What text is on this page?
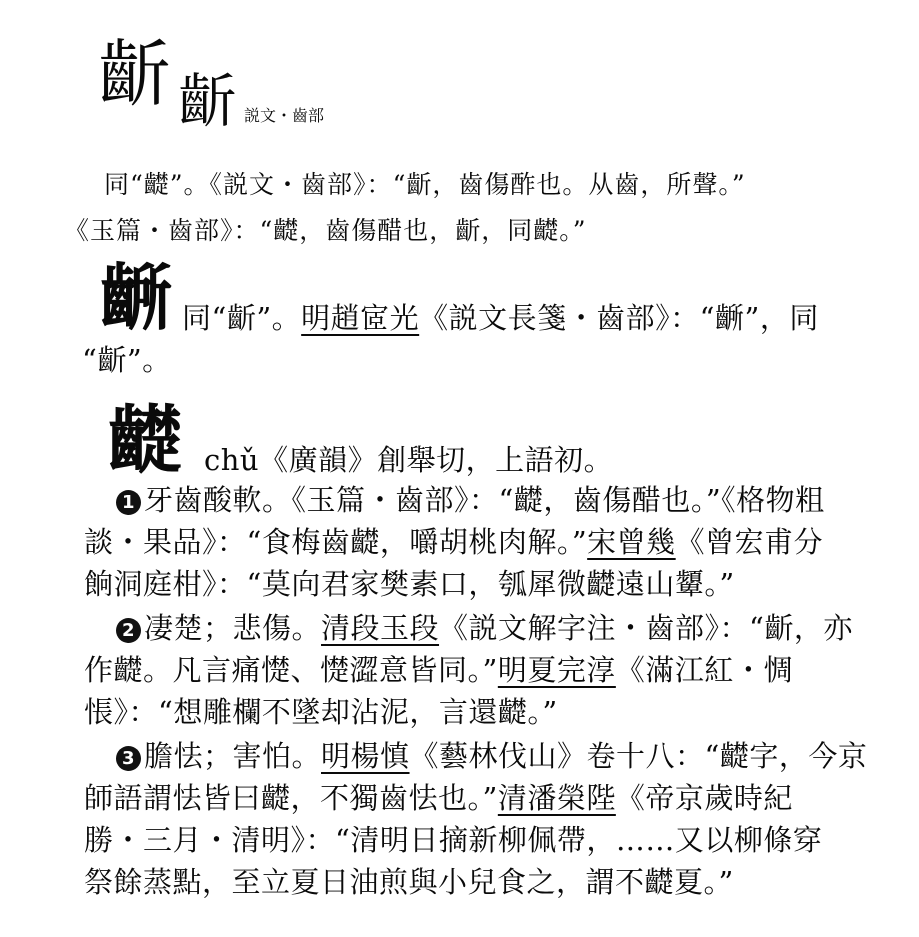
齗 齗 説文・齒部
同“齼”。《説文・齒部》：“齗，齒傷酢也。从齒，所聲。”
《玉篇・齒部》：“齼，齒傷醋也，齗，同齼。”
齭 同“齗”。明趙宧光《説文長箋・齒部》：“齭”，同
“齗”。
齼 chǔ《廣韻》創舉切，上語初。
1 牙齒酸軟。《玉篇・齒部》：“齼，齒傷醋也。”《格物粗
談・果品》：“食梅齒齼，嚼胡桃肉解。”宋曾幾《曾宏甫分
餉洞庭柑》：“莫向君家樊素口，瓠犀微齼遠山顰。”
2 凄楚；悲傷。清段玉段《説文解字注・齒部》：“齗，亦
作齼。凡言痛憷、憷澀意皆同。”明夏完淳《滿江紅・惆
悵》：“想雕欄不墜却沾泥，言還齼。”
3 膽怯；害怕。明楊慎《藝林伐山》卷十八：“齼字，今京
師語謂怯皆曰齼，不獨齒怯也。”清潘榮陛《帝京歲時紀
勝・三月・清明》：“清明日摘新柳佩帶，……又以柳條穿
祭餘蒸點，至立夏日油煎與小兒食之，謂不齼夏。”
